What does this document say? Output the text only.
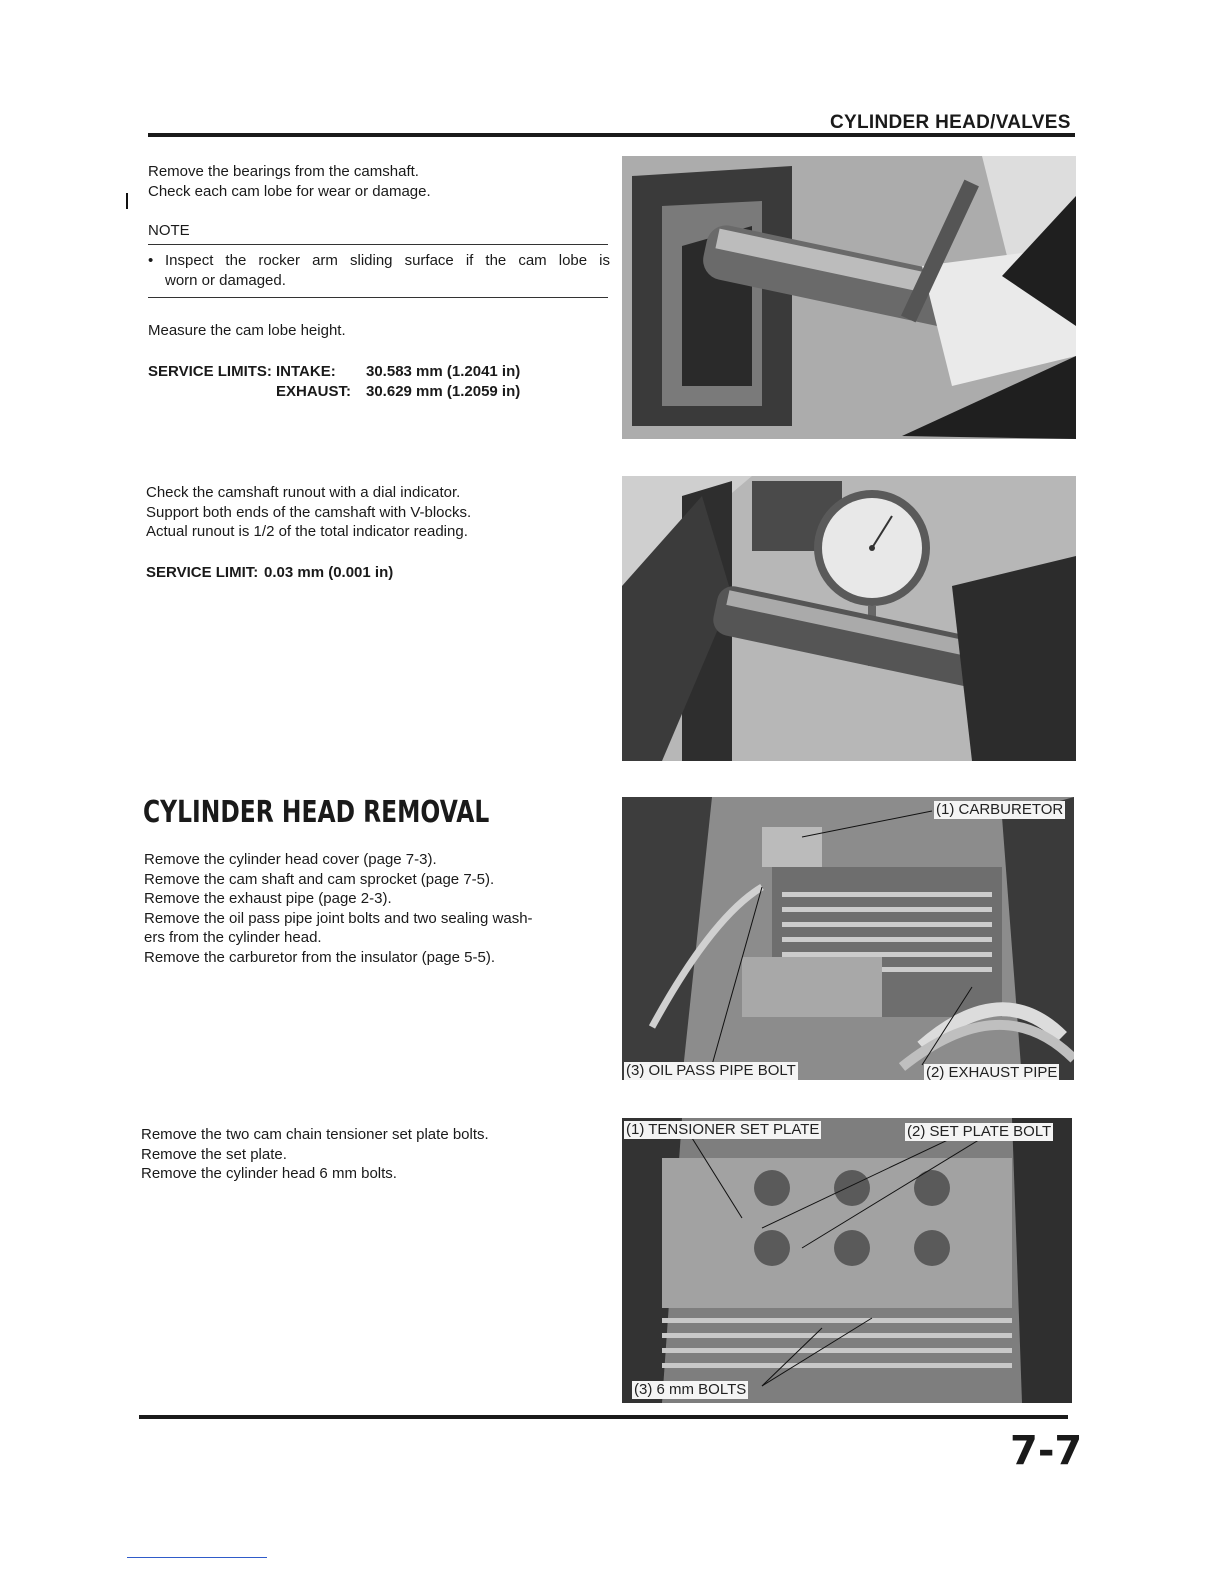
CYLINDER HEAD/VALVES

Remove the bearings from the camshaft.

Check each cam lobe for wear or damage.

NOTE
• Inspect the rocker arm sliding surface if the cam lobe is
worn or damaged.
Measure the cam lobe height.
SERVICE LIMITS: INTAKE: 30.583 mm (1.2041 in)
EXHAUST: 30.629 mm (1.2059 in)

Check the camshaft runout with a dial indicator.

Support both ends of the camshaft with V-blocks.

Actual runout is 1/2 of the total indicator reading.

SERVICE LIMIT: 0.03 mm (0.001 in)
CYLINDER HEAD REMOVAL

Remove the cylinder head cover (page 7-3).

Remove the cam shaft and cam sprocket (page 7-5).

Remove the exhaust pipe (page 2-3).

Remove the oil pass pipe joint bolts and two sealing wash-

ers from the cylinder head.

Remove the carburetor from the insulator (page 5-5).

Remove the two cam chain tensioner set plate bolts.

Remove the set plate.

Remove the cylinder head 6 mm bolts.

(1) CARBURETOR
(3) OIL PASS PIPE BOLT	(2) EXHAUST PIPE
(1) TENSIONER SET PLATE	(2) SET PLATE BOLT
(3) 6 mm BOLTS
7-7
